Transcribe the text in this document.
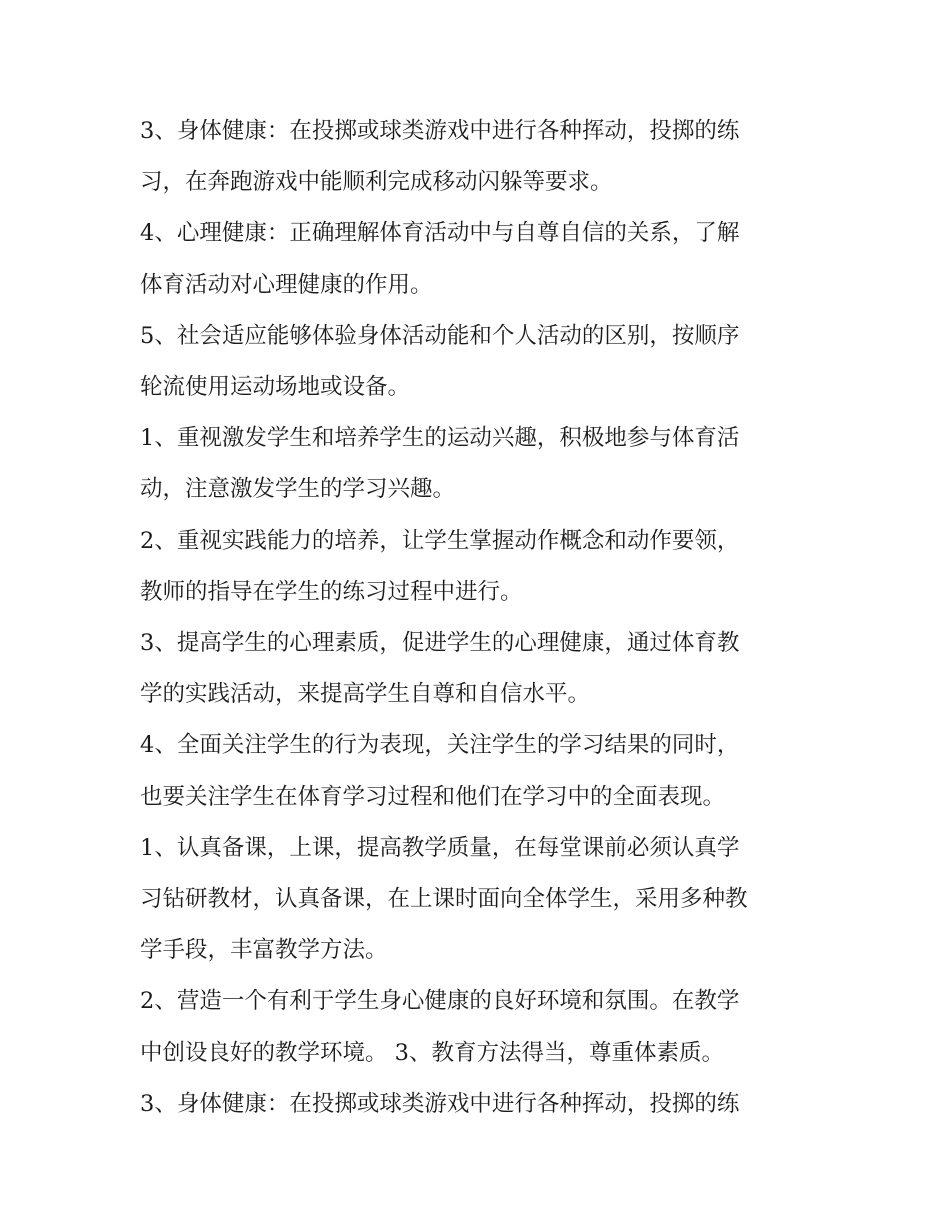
3、身体健康：在投掷或球类游戏中进行各种挥动，投掷的练
习，在奔跑游戏中能顺利完成移动闪躲等要求。

4、心理健康：正确理解体育活动中与自尊自信的关系，了解
体育活动对心理健康的作用。

5、社会适应能够体验身体活动能和个人活动的区别，按顺序
轮流使用运动场地或设备。

1、重视激发学生和培养学生的运动兴趣，积极地参与体育活
动，注意激发学生的学习兴趣。

2、重视实践能力的培养，让学生掌握动作概念和动作要领，
教师的指导在学生的练习过程中进行。

3、提高学生的心理素质，促进学生的心理健康，通过体育教
学的实践活动，来提高学生自尊和自信水平。

4、全面关注学生的行为表现，关注学生的学习结果的同时，
也要关注学生在体育学习过程和他们在学习中的全面表现。

1、认真备课，上课，提高教学质量，在每堂课前必须认真学
习钻研教材，认真备课，在上课时面向全体学生，采用多种教
学手段，丰富教学方法。

2、营造一个有利于学生身心健康的良好环境和氛围。在教学
中创设良好的教学环境。 3、教育方法得当，尊重体素质。

3、身体健康：在投掷或球类游戏中进行各种挥动，投掷的练
